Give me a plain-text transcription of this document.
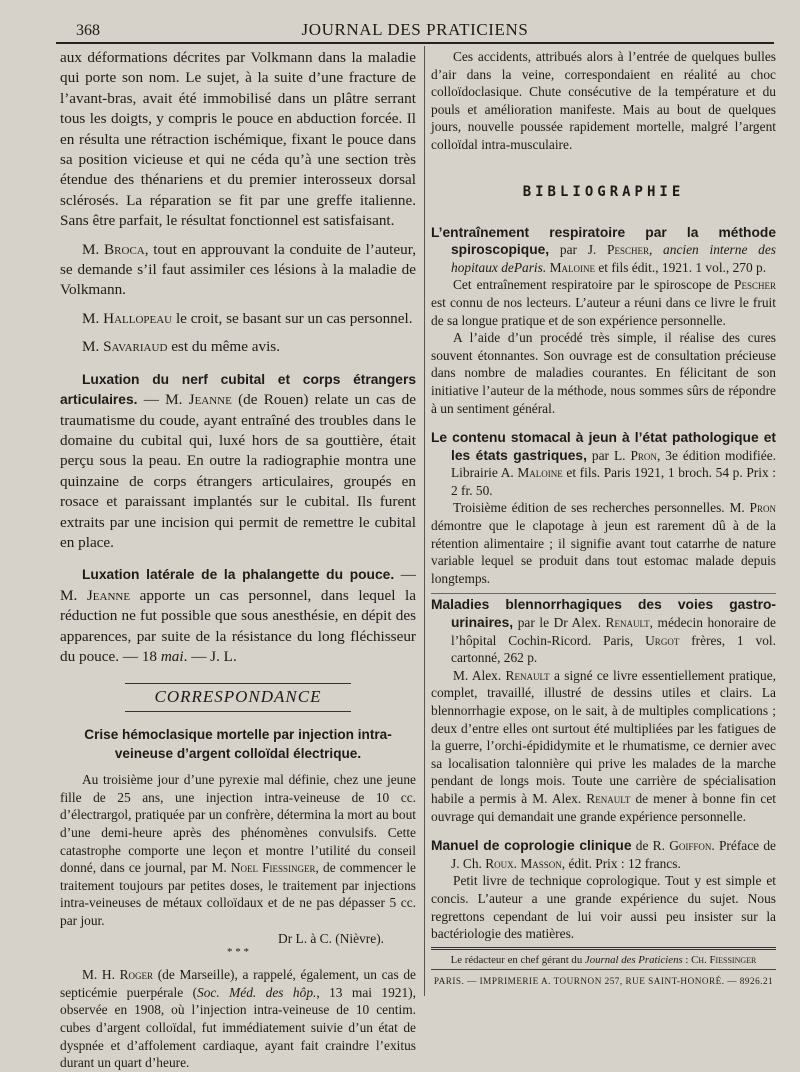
368	JOURNAL DES PRATICIENS

aux déformations décrites par Volkmann dans la maladie qui porte son nom. Le sujet, à la suite d’une fracture de l’avant-bras, avait été immobilisé dans un plâtre serrant tous les doigts, y compris le pouce en abduction forcée. Il en résulta une rétraction ischémique, fixant le pouce dans sa position vicieuse et qui ne céda qu’à une section très étendue des thénariens et du premier interosseux dorsal sclérosés. La réparation se fit par une greffe italienne. Sans être parfait, le résultat fonctionnel est satisfaisant.

M. Broca, tout en approuvant la conduite de l’auteur, se demande s’il faut assimiler ces lésions à la maladie de Volkmann.

M. Hallopeau le croit, se basant sur un cas personnel.

M. Savariaud est du même avis.

Luxation du nerf cubital et corps étrangers articulaires. — M. Jeanne (de Rouen) relate un cas de traumatisme du coude, ayant entraîné des troubles dans le domaine du cubital qui, luxé hors de sa gouttière, était perçu sous la peau. En outre la radiographie montra une quinzaine de corps étrangers articulaires, groupés en rosace et paraissant implantés sur le cubital. Ils furent extraits par une incision qui permit de remettre le cubital en place.

Luxation latérale de la phalangette du pouce. — M. Jeanne apporte un cas personnel, dans lequel la réduction ne fut possible que sous anesthésie, en dépit des apparences, par suite de la résistance du long fléchisseur du pouce. — 18 mai. — J. L.

CORRESPONDANCE
Crise hémoclasique mortelle par injection intra-veineuse d’argent colloïdal électrique.

Au troisième jour d’une pyrexie mal définie, chez une jeune fille de 25 ans, une injection intra-veineuse de 10 cc. d’électrargol, pratiquée par un confrère, détermina la mort au bout d’une demi-heure après des phénomènes convulsifs. Cette catastrophe comporte une leçon et montre l’utilité du conseil donné, dans ce journal, par M. Noel Fiessinger, de commencer le traitement toujours par petites doses, le traitement par injections intra-veineuses de métaux colloïdaux et de ne pas dépasser 5 cc. par jour.

Dr L. à C. (Nièvre).

* * *

M. H. Roger (de Marseille), a rappelé, également, un cas de septicémie puerpérale (Soc. Méd. des hôp., 13 mai 1921), observée en 1908, où l’injection intra-veineuse de 10 centim. cubes d’argent colloïdal, fut immédiatement suivie d’un état de dyspnée et d’affolement cardiaque, ayant fait craindre l’exitus durant un quart d’heure.

Ces accidents, attribués alors à l’entrée de quelques bulles d’air dans la veine, correspondaient en réalité au choc colloïdoclasique. Chute consécutive de la température et du pouls et amélioration manifeste. Mais au bout de quelques jours, nouvelle poussée rapidement mortelle, malgré l’argent colloïdal intra-musculaire.

BIBLIOGRAPHIE

L’entraînement respiratoire par la méthode spiroscopique, par J. Pescher, ancien interne des hopitaux deParis. Maloine et fils édit., 1921. 1 vol., 270 p.

Cet entraînement respiratoire par le spiroscope de Pescher est connu de nos lecteurs. L’auteur a réuni dans ce livre le fruit de sa longue pratique et de son expérience personnelle.

A l’aide d’un procédé très simple, il réalise des cures souvent étonnantes. Son ouvrage est de consultation précieuse dans nombre de maladies courantes. En félicitant de son initiative l’auteur de la méthode, nous sommes sûrs de répondre à un sentiment général.

Le contenu stomacal à jeun à l’état pathologique et les états gastriques, par L. Pron, 3e édition modifiée. Librairie A. Maloine et fils. Paris 1921, 1 broch. 54 p. Prix : 2 fr. 50.

Troisième édition de ses recherches personnelles. M. Pron démontre que le clapotage à jeun est rarement dû à de la rétention alimentaire ; il signifie avant tout catarrhe de nature variable lequel se produit dans tout estomac malade depuis longtemps.

Maladies blennorrhagiques des voies gastro-urinaires, par le Dr Alex. Renault, médecin honoraire de l’hôpital Cochin-Ricord. Paris, Urgot frères, 1 vol. cartonné, 262 p.

M. Alex. Renault a signé ce livre essentiellement pratique, complet, travaillé, illustré de dessins utiles et clairs. La blennorrhagie expose, on le sait, à de multiples complications ; deux d’entre elles ont surtout été multipliées par les fatigues de la guerre, l’orchi-épididymite et le rhumatisme, ce dernier avec sa localisation talonnière qui prive les malades de la marche pendant de longs mois. Toute une carrière de spécialisation habile a permis à M. Alex. Renault de mener à bonne fin cet ouvrage qui demandait une grande expérience personnelle.

Manuel de coprologie clinique de R. Goiffon. Préface de J. Ch. Roux. Masson, édit. Prix : 12 francs.

Petit livre de technique coprologique. Tout y est simple et concis. L’auteur a une grande expérience du sujet. Nous regrettons cependant de lui voir aussi peu insister sur la bactériologie des matières.

Le rédacteur en chef gérant du Journal des Praticiens : Ch. Fiessinger

PARIS. — IMPRIMERIE A. TOURNON 257, RUE SAINT-HONORÉ. — 8926.21
